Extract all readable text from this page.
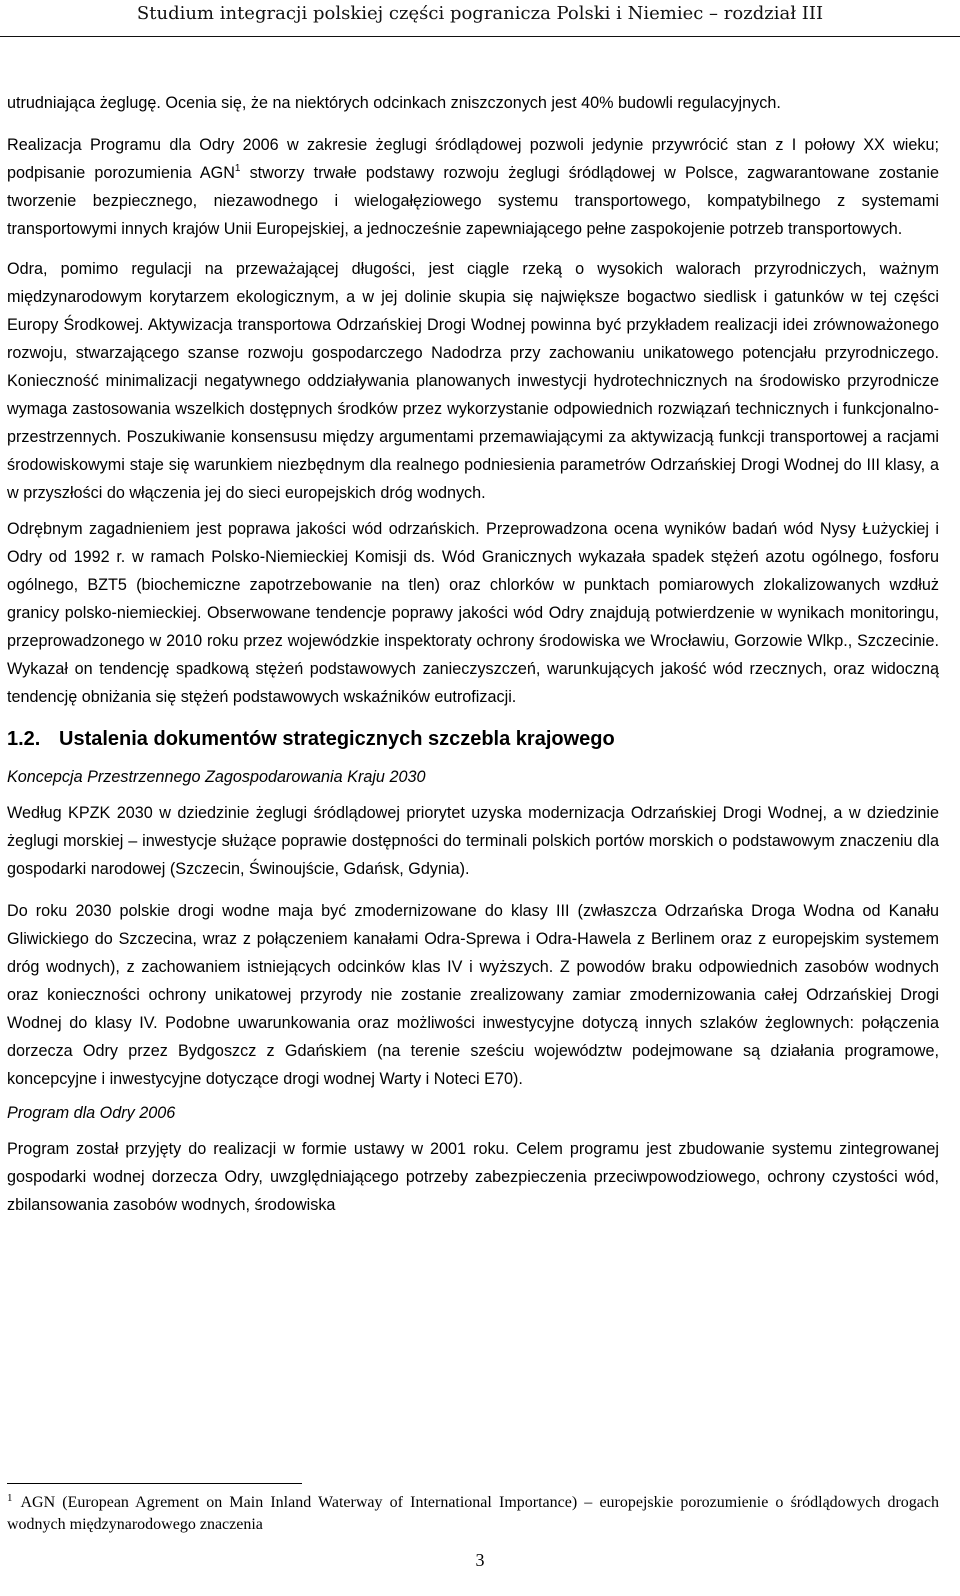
Studium integracji polskiej części pogranicza Polski i Niemiec – rozdział III

utrudniająca żeglugę. Ocenia się, że na niektórych odcinkach zniszczonych jest 40% budowli regulacyjnych.

Realizacja Programu dla Odry 2006 w zakresie żeglugi śródlądowej pozwoli jedynie przywrócić stan z I połowy XX wieku; podpisanie porozumienia AGN$^1$ stworzy trwałe podstawy rozwoju żeglugi śródlądowej w Polsce, zagwarantowane zostanie tworzenie bezpiecznego, niezawodnego i wielogałęziowego systemu transportowego, kompatybilnego z systemami transportowymi innych krajów Unii Europejskiej, a jednocześnie zapewniającego pełne zaspokojenie potrzeb transportowych.

Odra, pomimo regulacji na przeważającej długości, jest ciągle rzeką o wysokich walorach przyrodniczych, ważnym międzynarodowym korytarzem ekologicznym, a w jej dolinie skupia się największe bogactwo siedlisk i gatunków w tej części Europy Środkowej. Aktywizacja transportowa Odrzańskiej Drogi Wodnej powinna być przykładem realizacji idei zrównoważonego rozwoju, stwarzającego szanse rozwoju gospodarczego Nadodrza przy zachowaniu unikatowego potencjału przyrodniczego. Konieczność minimalizacji negatywnego oddziaływania planowanych inwestycji hydrotechnicznych na środowisko przyrodnicze wymaga zastosowania wszelkich dostępnych środków przez wykorzystanie odpowiednich rozwiązań technicznych i funkcjonalno-przestrzennych. Poszukiwanie konsensusu między argumentami przemawiającymi za aktywizacją funkcji transportowej a racjami środowiskowymi staje się warunkiem niezbędnym dla realnego podniesienia parametrów Odrzańskiej Drogi Wodnej do III klasy, a w przyszłości do włączenia jej do sieci europejskich dróg wodnych.

Odrębnym zagadnieniem jest poprawa jakości wód odrzańskich. Przeprowadzona ocena wyników badań wód Nysy Łużyckiej i Odry od 1992 r. w ramach Polsko-Niemieckiej Komisji ds. Wód Granicznych wykazała spadek stężeń azotu ogólnego, fosforu ogólnego, BZT5 (biochemiczne zapotrzebowanie na tlen) oraz chlorków w punktach pomiarowych zlokalizowanych wzdłuż granicy polsko-niemieckiej. Obserwowane tendencje poprawy jakości wód Odry znajdują potwierdzenie w wynikach monitoringu, przeprowadzonego w 2010 roku przez wojewódzkie inspektoraty ochrony środowiska we Wrocławiu, Gorzowie Wlkp., Szczecinie. Wykazał on tendencję spadkową stężeń podstawowych zanieczyszczeń, warunkujących jakość wód rzecznych, oraz widoczną tendencję obniżania się stężeń podstawowych wskaźników eutrofizacji.

1.2. Ustalenia dokumentów strategicznych szczebla krajowego

Koncepcja Przestrzennego Zagospodarowania Kraju 2030

Według KPZK 2030 w dziedzinie żeglugi śródlądowej priorytet uzyska modernizacja Odrzańskiej Drogi Wodnej, a w dziedzinie żeglugi morskiej – inwestycje służące poprawie dostępności do terminali polskich portów morskich o podstawowym znaczeniu dla gospodarki narodowej (Szczecin, Świnoujście, Gdańsk, Gdynia).

Do roku 2030 polskie drogi wodne maja być zmodernizowane do klasy III (zwłaszcza Odrzańska Droga Wodna od Kanału Gliwickiego do Szczecina, wraz z połączeniem kanałami Odra-Sprewa i Odra-Hawela z Berlinem oraz z europejskim systemem dróg wodnych), z zachowaniem istniejących odcinków klas IV i wyższych. Z powodów braku odpowiednich zasobów wodnych oraz konieczności ochrony unikatowej przyrody nie zostanie zrealizowany zamiar zmodernizowania całej Odrzańskiej Drogi Wodnej do klasy IV. Podobne uwarunkowania oraz możliwości inwestycyjne dotyczą innych szlaków żeglownych: połączenia dorzecza Odry przez Bydgoszcz z Gdańskiem (na terenie sześciu województw podejmowane są działania programowe, koncepcyjne i inwestycyjne dotyczące drogi wodnej Warty i Noteci E70).

Program dla Odry 2006

Program został przyjęty do realizacji w formie ustawy w 2001 roku. Celem programu jest zbudowanie systemu zintegrowanej gospodarki wodnej dorzecza Odry, uwzględniającego potrzeby zabezpieczenia przeciwpowodziowego, ochrony czystości wód, zbilansowania zasobów wodnych, środowiska

$^1$ AGN (European Agrement on Main Inland Waterway of International Importance) – europejskie porozumienie o śródlądowych drogach wodnych międzynarodowego znaczenia

3
